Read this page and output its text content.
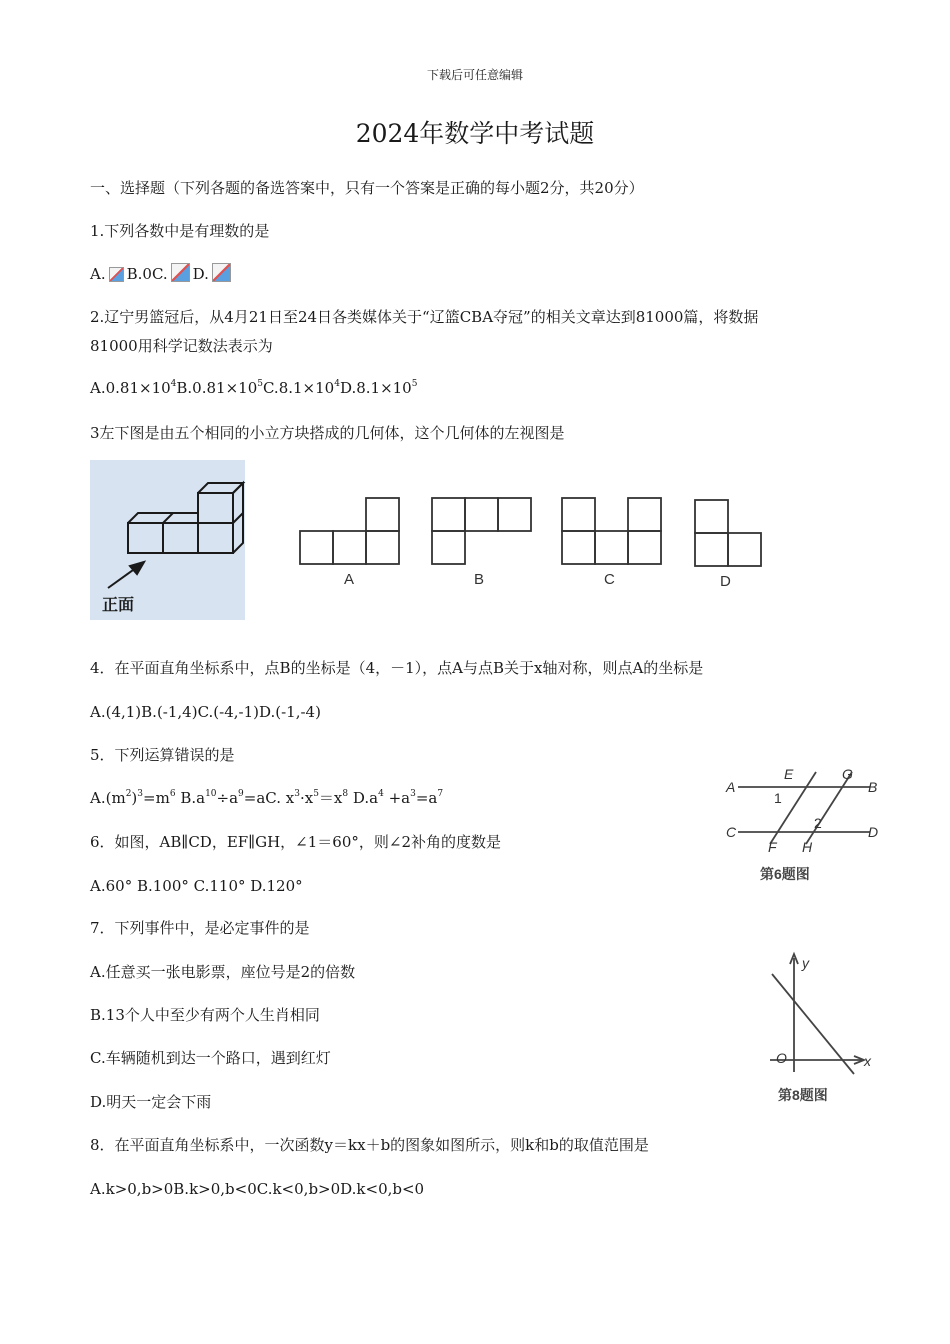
下载后可任意编辑
2024年数学中考试题
一、选择题（下列各题的备选答案中，只有一个答案是正确的每小题2分，共20分）
1.下列各数中是有理数的是
A. B.0C. D.
2.辽宁男篮冠后，从4月21日至24日各类媒体关于“辽篮CBA夺冠”的相关文章达到81000篇，将数据
81000用科学记数法表示为
$A.0.81\times 10^4B.0.81\times 10^5C.8.1\times 10^4D.8.1\times 10^5$
3左下图是由五个相同的小立方块搭成的几何体，这个几何体的左视图是
正面
A	B	C	D
4．在平面直角坐标系中，点B的坐标是（4，－1），点A与点B关于x轴对称，则点A的坐标是
A.(4,1)B.(-1,4)C.(-4,-1)D.(-1,-4)
5．下列运算错误的是
$A.(m^2)^3=m^6$ $B.a^{10}\div a^9=aC$. $x^3\cdot x^5=x^8$ $D.a^4 +a^3=a^7$
6．如图，AB∥CD，EF∥GH，∠1＝60°，则∠2补角的度数是
A.60° B.100° C.110° D.120°
A
E	G
B
1
2
C	D
F H
第6题图
7．下列事件中，是必定事件的是
A.任意买一张电影票，座位号是2的倍数
B.13个人中至少有两个人生肖相同
C.车辆随机到达一个路口，遇到红灯
D.明天一定会下雨
y
O	x
第8题图
8．在平面直角坐标系中，一次函数y＝kx＋b的图象如图所示，则k和b的取值范围是
A.k>0,b>0B.k>0,b<0C.k<0,b>0D.k<0,b<0
